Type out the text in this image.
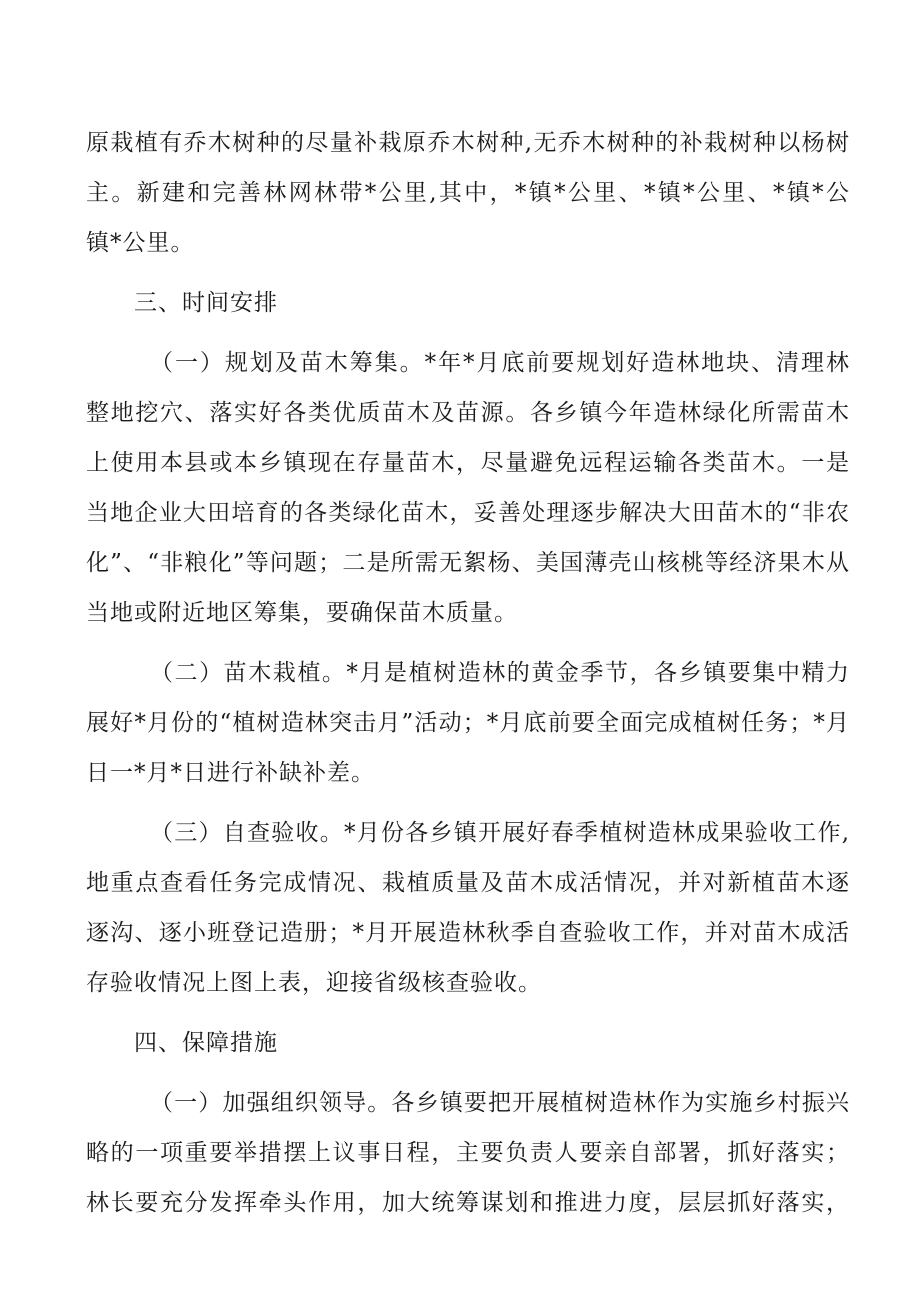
原栽植有乔木树种的尽量补栽原乔木树种,无乔木树种的补栽树种以杨树
主。新建和完善林网林带*公里,其中，*镇*公里、*镇*公里、*镇*公
镇*公里。
三、时间安排
（一）规划及苗木筹集。*年*月底前要规划好造林地块、清理林
整地挖穴、落实好各类优质苗木及苗源。各乡镇今年造林绿化所需苗木
上使用本县或本乡镇现在存量苗木，尽量避免远程运输各类苗木。一是
当地企业大田培育的各类绿化苗木，妥善处理逐步解决大田苗木的“非农
化”、“非粮化”等问题；二是所需无絮杨、美国薄壳山核桃等经济果木从
当地或附近地区筹集，要确保苗木质量。
（二）苗木栽植。*月是植树造林的黄金季节，各乡镇要集中精力
展好*月份的“植树造林突击月”活动；*月底前要全面完成植树任务；*月
日一*月*日进行补缺补差。
（三）自查验收。*月份各乡镇开展好春季植树造林成果验收工作,
地重点查看任务完成情况、栽植质量及苗木成活情况，并对新植苗木逐
逐沟、逐小班登记造册；*月开展造林秋季自查验收工作，并对苗木成活
存验收情况上图上表，迎接省级核查验收。
四、保障措施
（一）加强组织领导。各乡镇要把开展植树造林作为实施乡村振兴
略的一项重要举措摆上议事日程，主要负责人要亲自部署，抓好落实；
林长要充分发挥牵头作用，加大统筹谋划和推进力度，层层抓好落实，
